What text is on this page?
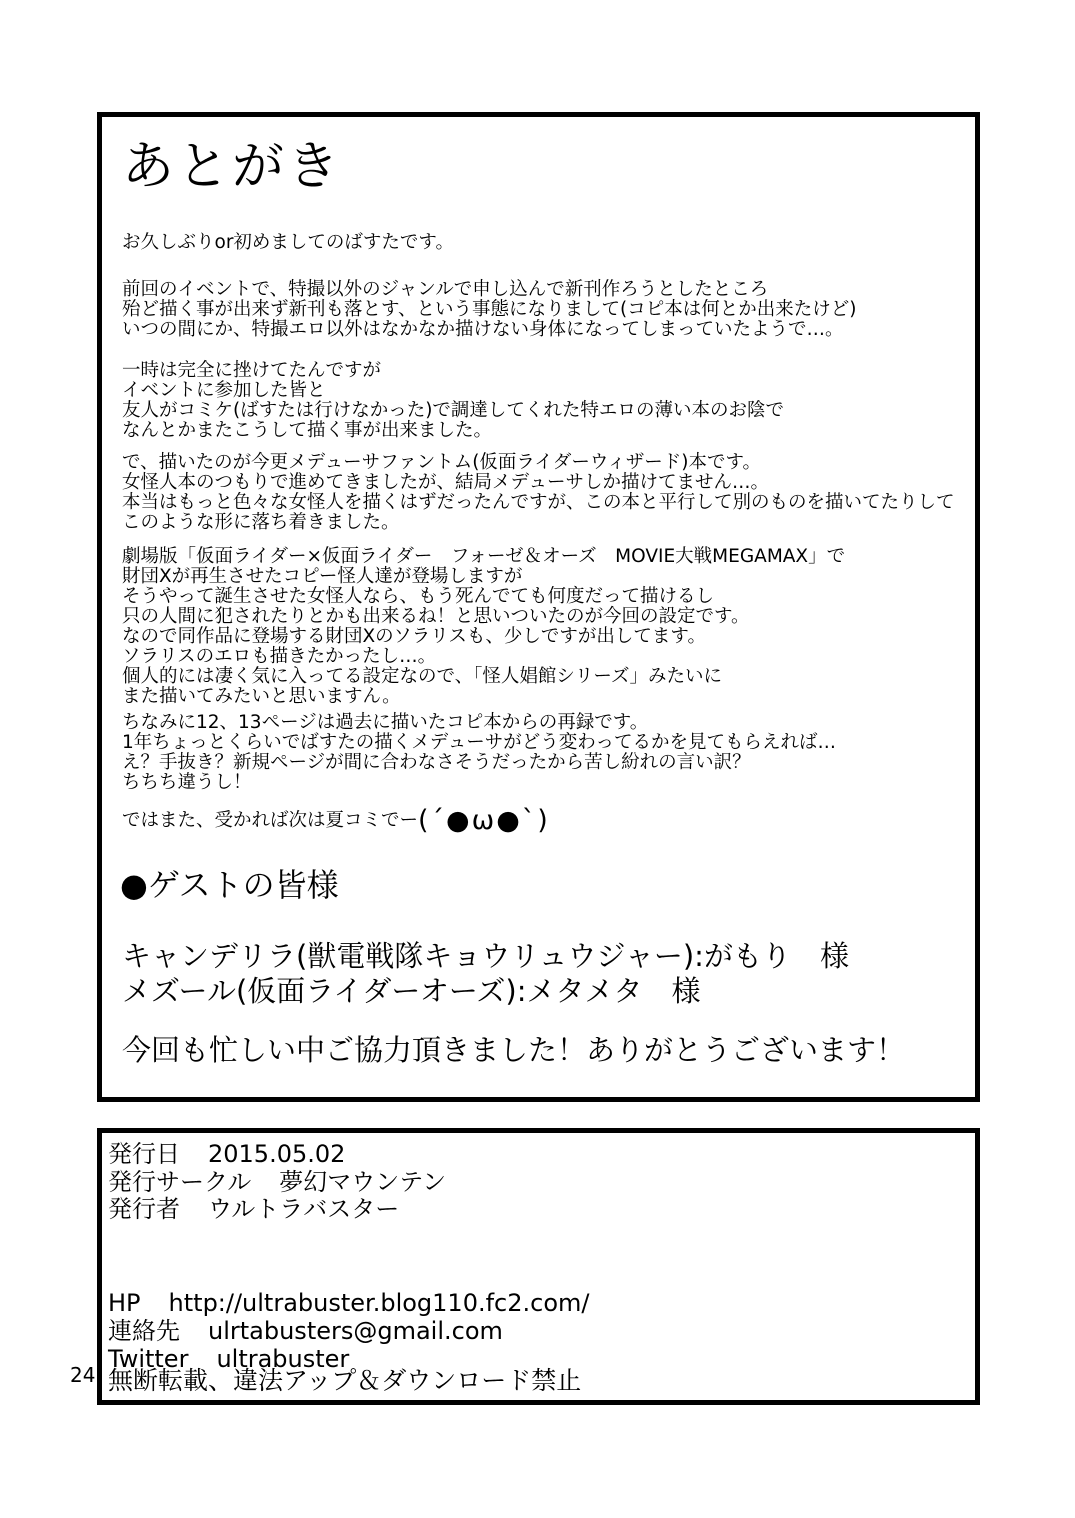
あとがき
お久しぶりor初めましてのばすたです。
前回のイベントで、特撮以外のジャンルで申し込んで新刊作ろうとしたところ
殆ど描く事が出来ず新刊も落とす、という事態になりまして(コピ本は何とか出来たけど)
いつの間にか、特撮エロ以外はなかなか描けない身体になってしまっていたようで…。
一時は完全に挫けてたんですが
イベントに参加した皆と
友人がコミケ(ばすたは行けなかった)で調達してくれた特エロの薄い本のお陰で
なんとかまたこうして描く事が出来ました。
で、描いたのが今更メデューサファントム(仮面ライダーウィザード)本です。
女怪人本のつもりで進めてきましたが、結局メデューサしか描けてません…。
本当はもっと色々な女怪人を描くはずだったんですが、この本と平行して別のものを描いてたりして
このような形に落ち着きました。
劇場版「仮面ライダー×仮面ライダー　フォーゼ＆オーズ　MOVIE大戦MEGAMAX」で
財団Xが再生させたコピー怪人達が登場しますが
そうやって誕生させた女怪人なら、もう死んでても何度だって描けるし
只の人間に犯されたりとかも出来るね！と思いついたのが今回の設定です。
なので同作品に登場する財団Xのソラリスも、少しですが出してます。
ソラリスのエロも描きたかったし…。
個人的には凄く気に入ってる設定なので、「怪人娼館シリーズ」みたいに
また描いてみたいと思いますん。
ちなみに12、13ページは過去に描いたコピ本からの再録です。
1年ちょっとくらいでばすたの描くメデューサがどう変わってるかを見てもらえれば…
え？手抜き？新規ページが間に合わなさそうだったから苦し紛れの言い訳？
ちちち違うし！
ではまた、受かれば次は夏コミでー(´●ω●`)
●ゲストの皆様
キャンデリラ(獣電戦隊キョウリュウジャー):がもり　様
メズール(仮面ライダーオーズ):メタメタ　様
今回も忙しい中ご協力頂きました！ありがとうございます！
発行日 2015.05.02
発行サークル 夢幻マウンテン
発行者 ウルトラバスター
HP http://ultrabuster.blog110.fc2.com/
連絡先 ulrtabusters@gmail.com
Twitter ultrabuster
無断転載、違法アップ＆ダウンロード禁止
24
